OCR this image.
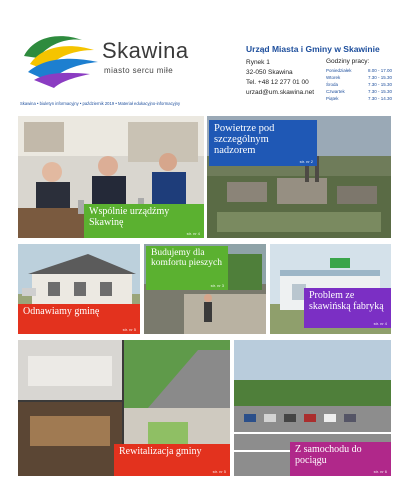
Skawina
miasto sercu miłe
Urząd Miasta i Gminy w Skawinie
Rynek 1
32-050 Skawina
Tel. +48 12 277 01 00
urzad@um.skawina.net
Godziny pracy:
Poniedziałek	8.00 - 17.00
Wtorek	7.30 - 15.30
Środa	7.30 - 15.30
Czwartek	7.30 - 15.30
Piątek	7.30 - 14.30
Skawina • biuletyn informacyjny • październik 2019 • Materiał edukacyjno-informacyjny
Wspólnie urządźmy Skawinę
str. nr 4
Powietrze pod szczególnym nadzorem
str. nr 2
Odnawiamy gminę
str. nr 5
Budujemy dla komfortu pieszych
str. nr 3
Problem ze skawińską fabryką
str. nr 4
Rewitalizacja gminy
str. nr 5
Z samochodu do pociągu
str. nr 6
